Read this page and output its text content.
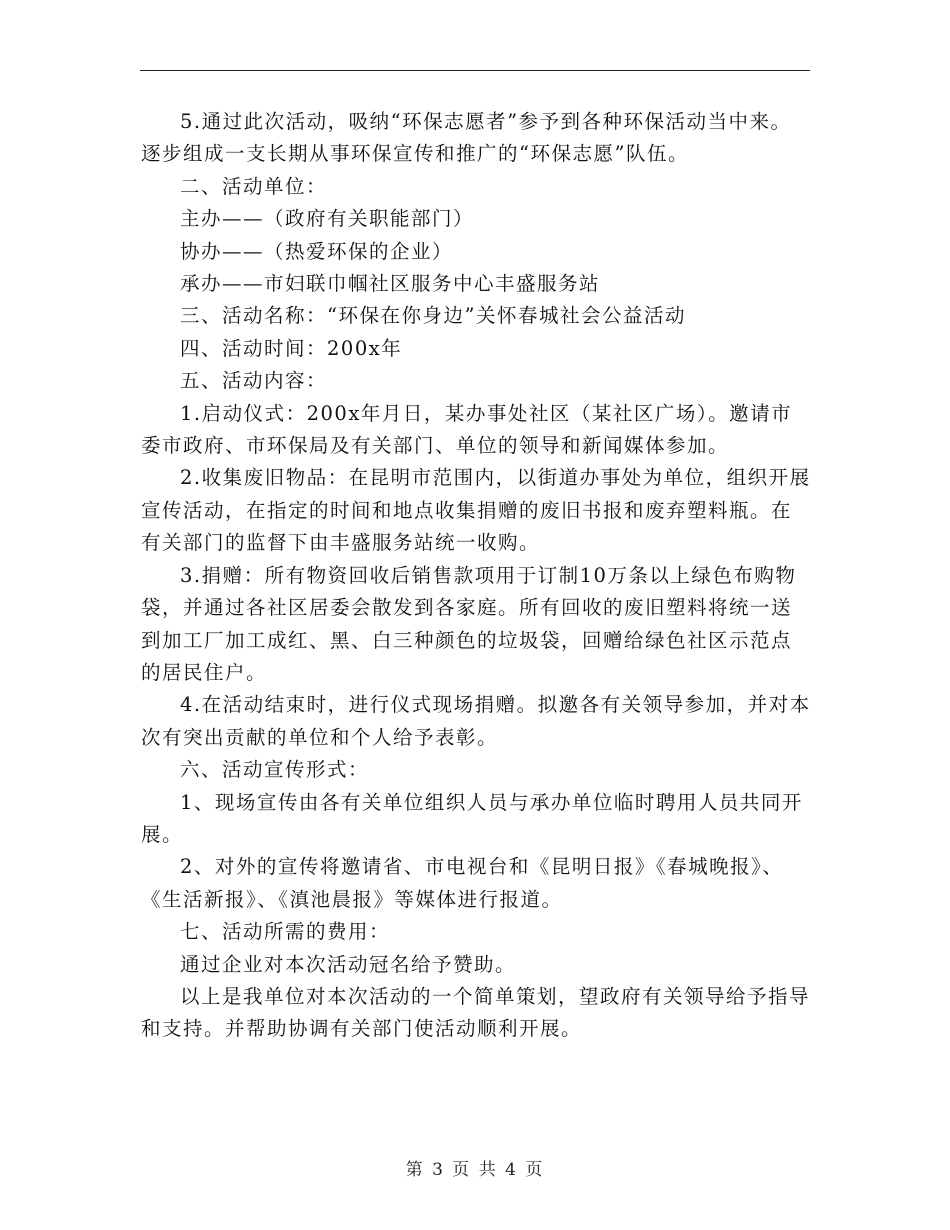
5.通过此次活动，吸纳“环保志愿者”参予到各种环保活动当中来。逐步组成一支长期从事环保宣传和推广的“环保志愿”队伍。

二、活动单位：

主办——（政府有关职能部门）

协办——（热爱环保的企业）

承办——市妇联巾帼社区服务中心丰盛服务站

三、活动名称：“环保在你身边”关怀春城社会公益活动

四、活动时间：200x年

五、活动内容：

1.启动仪式：200x年月日，某办事处社区（某社区广场）。邀请市委市政府、市环保局及有关部门、单位的领导和新闻媒体参加。

2.收集废旧物品：在昆明市范围内，以街道办事处为单位，组织开展宣传活动，在指定的时间和地点收集捐赠的废旧书报和废弃塑料瓶。在有关部门的监督下由丰盛服务站统一收购。

3.捐赠：所有物资回收后销售款项用于订制10万条以上绿色布购物袋，并通过各社区居委会散发到各家庭。所有回收的废旧塑料将统一送到加工厂加工成红、黑、白三种颜色的垃圾袋，回赠给绿色社区示范点的居民住户。

4.在活动结束时，进行仪式现场捐赠。拟邀各有关领导参加，并对本次有突出贡献的单位和个人给予表彰。

六、活动宣传形式：

1、现场宣传由各有关单位组织人员与承办单位临时聘用人员共同开展。

2、对外的宣传将邀请省、市电视台和《昆明日报》《春城晚报》、《生活新报》、《滇池晨报》等媒体进行报道。

七、活动所需的费用：

通过企业对本次活动冠名给予赞助。

以上是我单位对本次活动的一个简单策划，望政府有关领导给予指导和支持。并帮助协调有关部门使活动顺利开展。

第 3 页 共 4 页
